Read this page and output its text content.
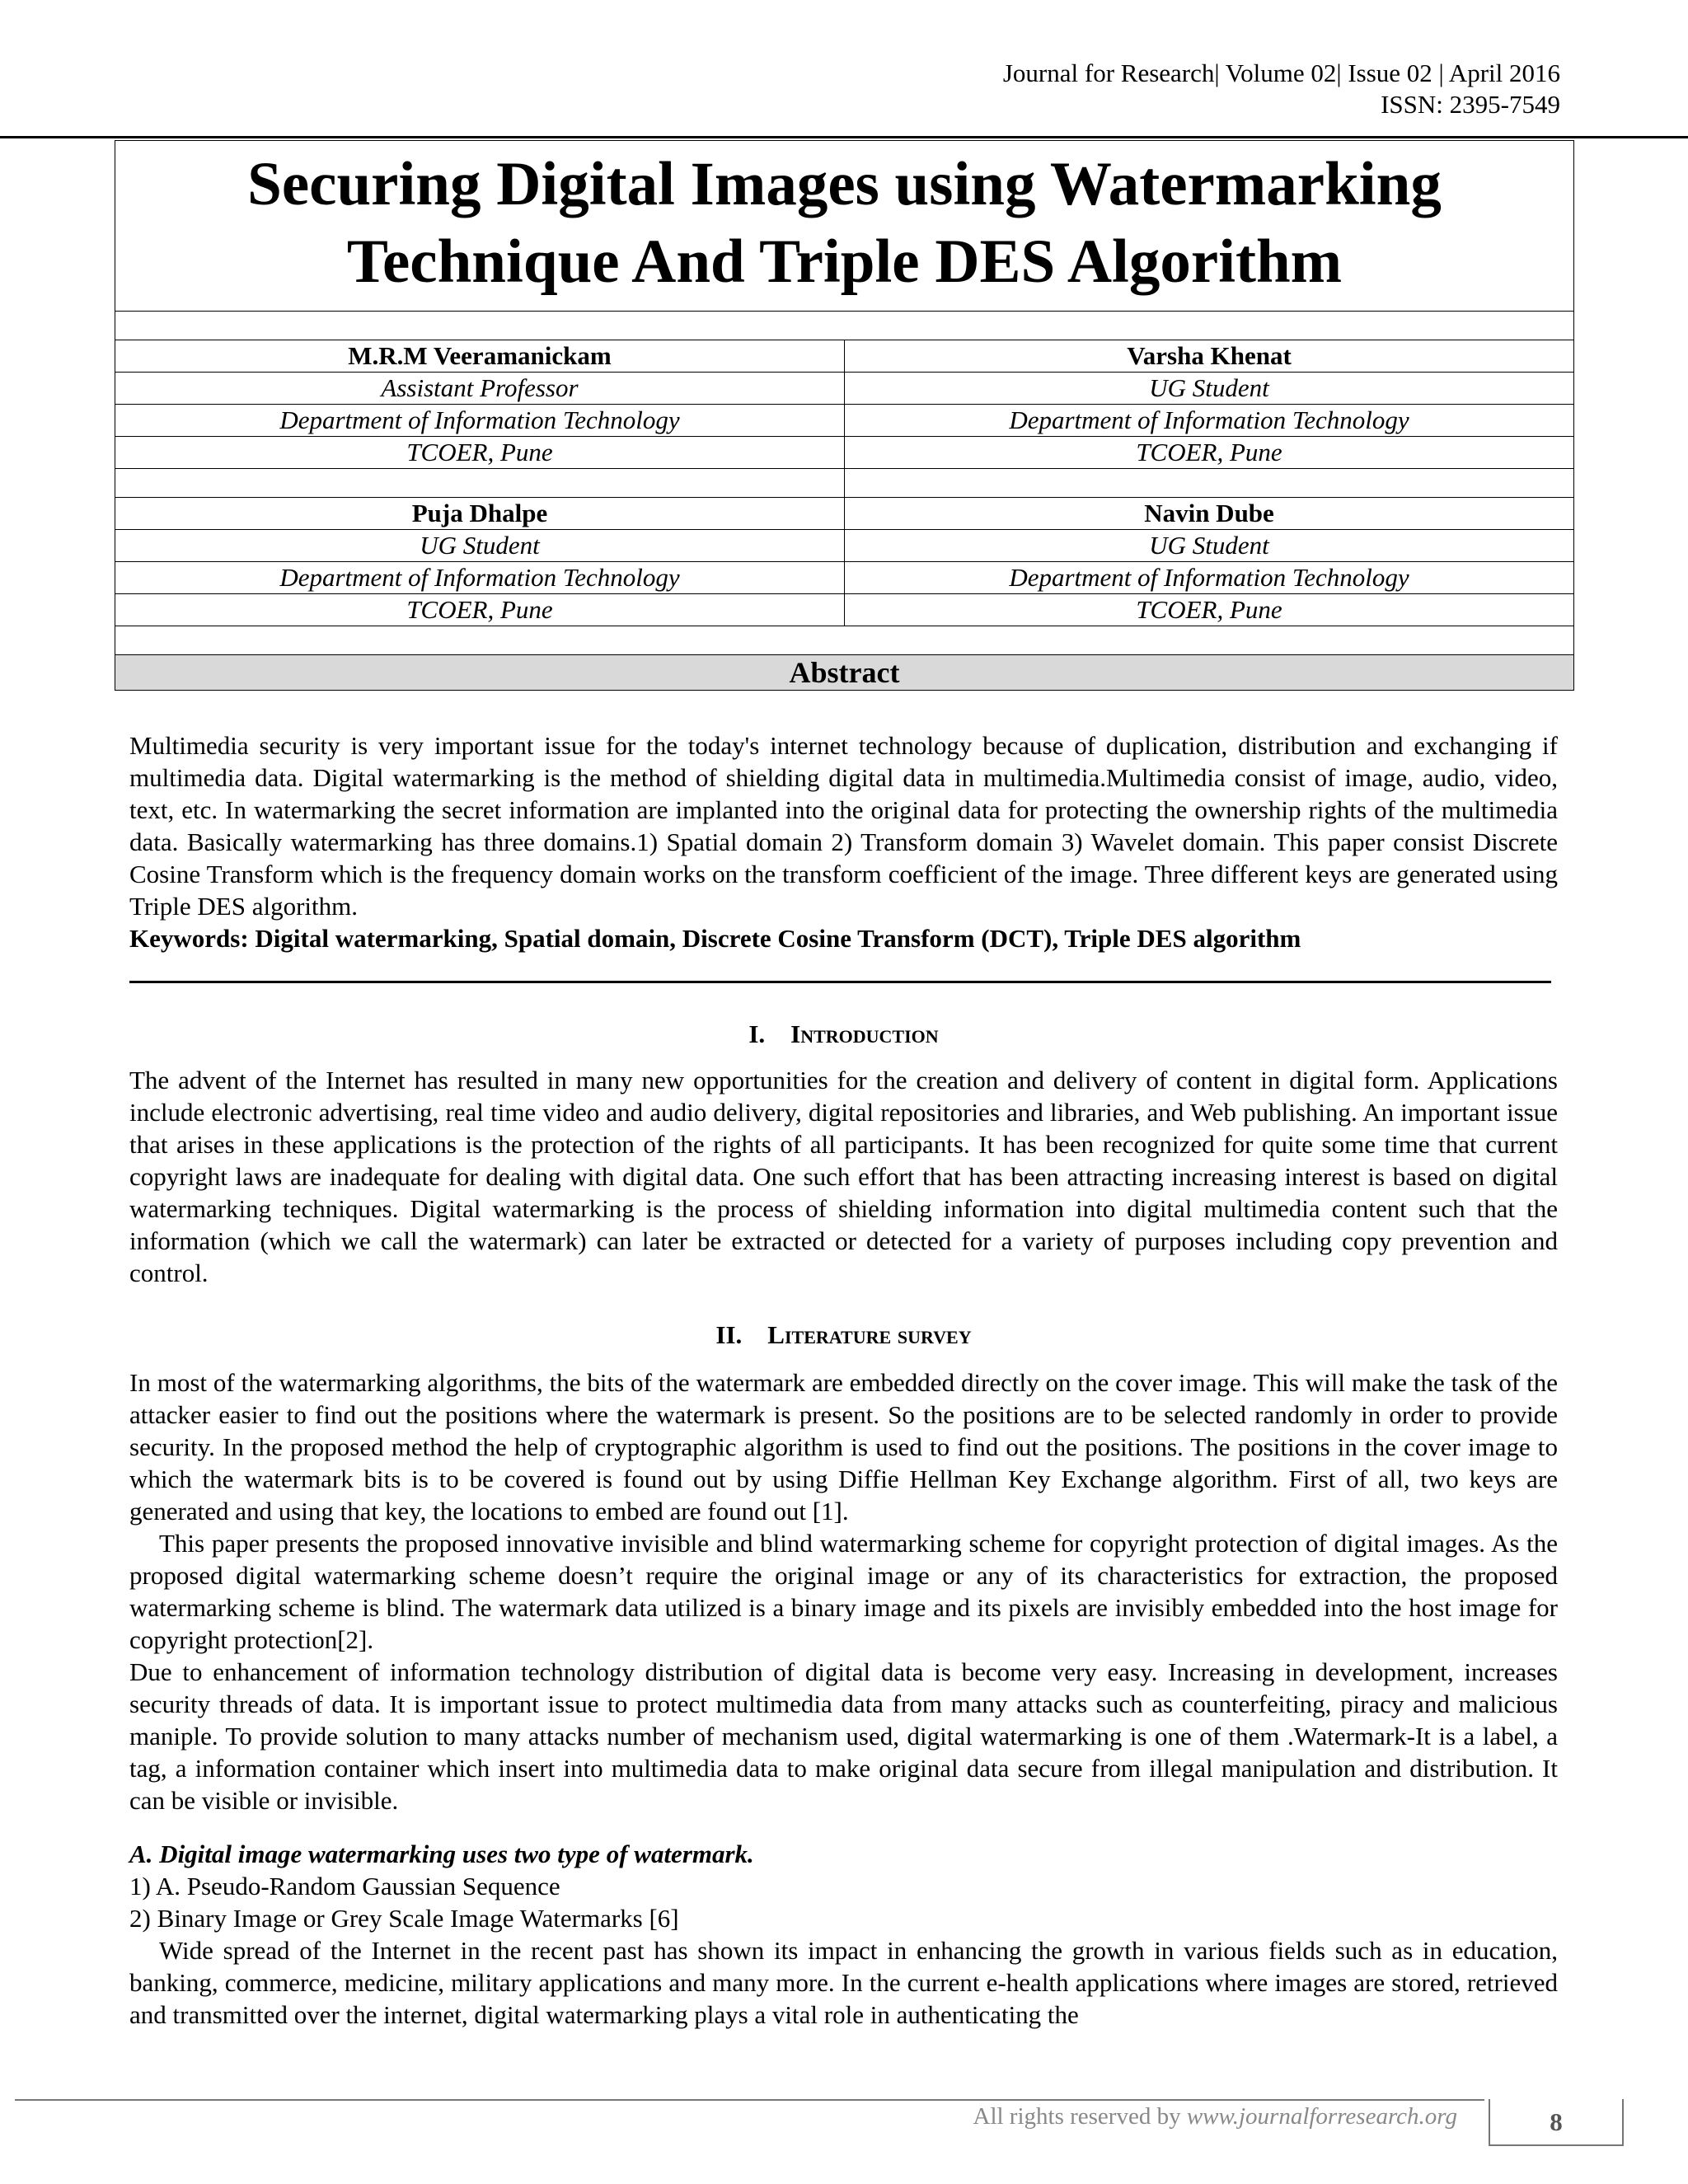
Journal for Research| Volume 02| Issue 02 | April 2016
ISSN: 2395-7549
Securing Digital Images using Watermarking
Technique And Triple DES Algorithm	

M.R.M Veeramanickam	Varsha Khenat
Assistant Professor	UG Student
Department of Information Technology	Department of Information Technology
TCOER, Pune	TCOER, Pune

Puja Dhalpe	Navin Dube
UG Student	UG Student
Department of Information Technology	Department of Information Technology
TCOER, Pune	TCOER, Pune

Abstract	

Multimedia security is very important issue for the today's internet technology because of duplication, distribution and exchanging if multimedia data. Digital watermarking is the method of shielding digital data in multimedia.Multimedia consist of image, audio, video, text, etc. In watermarking the secret information are implanted into the original data for protecting the ownership rights of the multimedia data. Basically watermarking has three domains.1) Spatial domain 2) Transform domain 3) Wavelet domain. This paper consist Discrete Cosine Transform which is the frequency domain works on the transform coefficient of the image. Three different keys are generated using Triple DES algorithm.

Keywords: Digital watermarking, Spatial domain, Discrete Cosine Transform (DCT), Triple DES algorithm

I. Introduction

The advent of the Internet has resulted in many new opportunities for the creation and delivery of content in digital form. Applications include electronic advertising, real time video and audio delivery, digital repositories and libraries, and Web publishing. An important issue that arises in these applications is the protection of the rights of all participants. It has been recognized for quite some time that current copyright laws are inadequate for dealing with digital data. One such effort that has been attracting increasing interest is based on digital watermarking techniques. Digital watermarking is the process of shielding information into digital multimedia content such that the information (which we call the watermark) can later be extracted or detected for a variety of purposes including copy prevention and control.

II. Literature survey

In most of the watermarking algorithms, the bits of the watermark are embedded directly on the cover image. This will make the task of the attacker easier to find out the positions where the watermark is present. So the positions are to be selected randomly in order to provide security. In the proposed method the help of cryptographic algorithm is used to find out the positions. The positions in the cover image to which the watermark bits is to be covered is found out by using Diffie Hellman Key Exchange algorithm. First of all, two keys are generated and using that key, the locations to embed are found out [1].

This paper presents the proposed innovative invisible and blind watermarking scheme for copyright protection of digital images. As the proposed digital watermarking scheme doesn’t require the original image or any of its characteristics for extraction, the proposed watermarking scheme is blind. The watermark data utilized is a binary image and its pixels are invisibly embedded into the host image for copyright protection[2].

Due to enhancement of information technology distribution of digital data is become very easy. Increasing in development, increases security threads of data. It is important issue to protect multimedia data from many attacks such as counterfeiting, piracy and malicious maniple. To provide solution to many attacks number of mechanism used, digital watermarking is one of them .Watermark-It is a label, a tag, a information container which insert into multimedia data to make original data secure from illegal manipulation and distribution. It can be visible or invisible.

A. Digital image watermarking uses two type of watermark.

1) A. Pseudo-Random Gaussian Sequence

2) Binary Image or Grey Scale Image Watermarks [6]

Wide spread of the Internet in the recent past has shown its impact in enhancing the growth in various fields such as in education, banking, commerce, medicine, military applications and many more. In the current e-health applications where images are stored, retrieved and transmitted over the internet, digital watermarking plays a vital role in authenticating the

All rights reserved by www.journalforresearch.org	8
